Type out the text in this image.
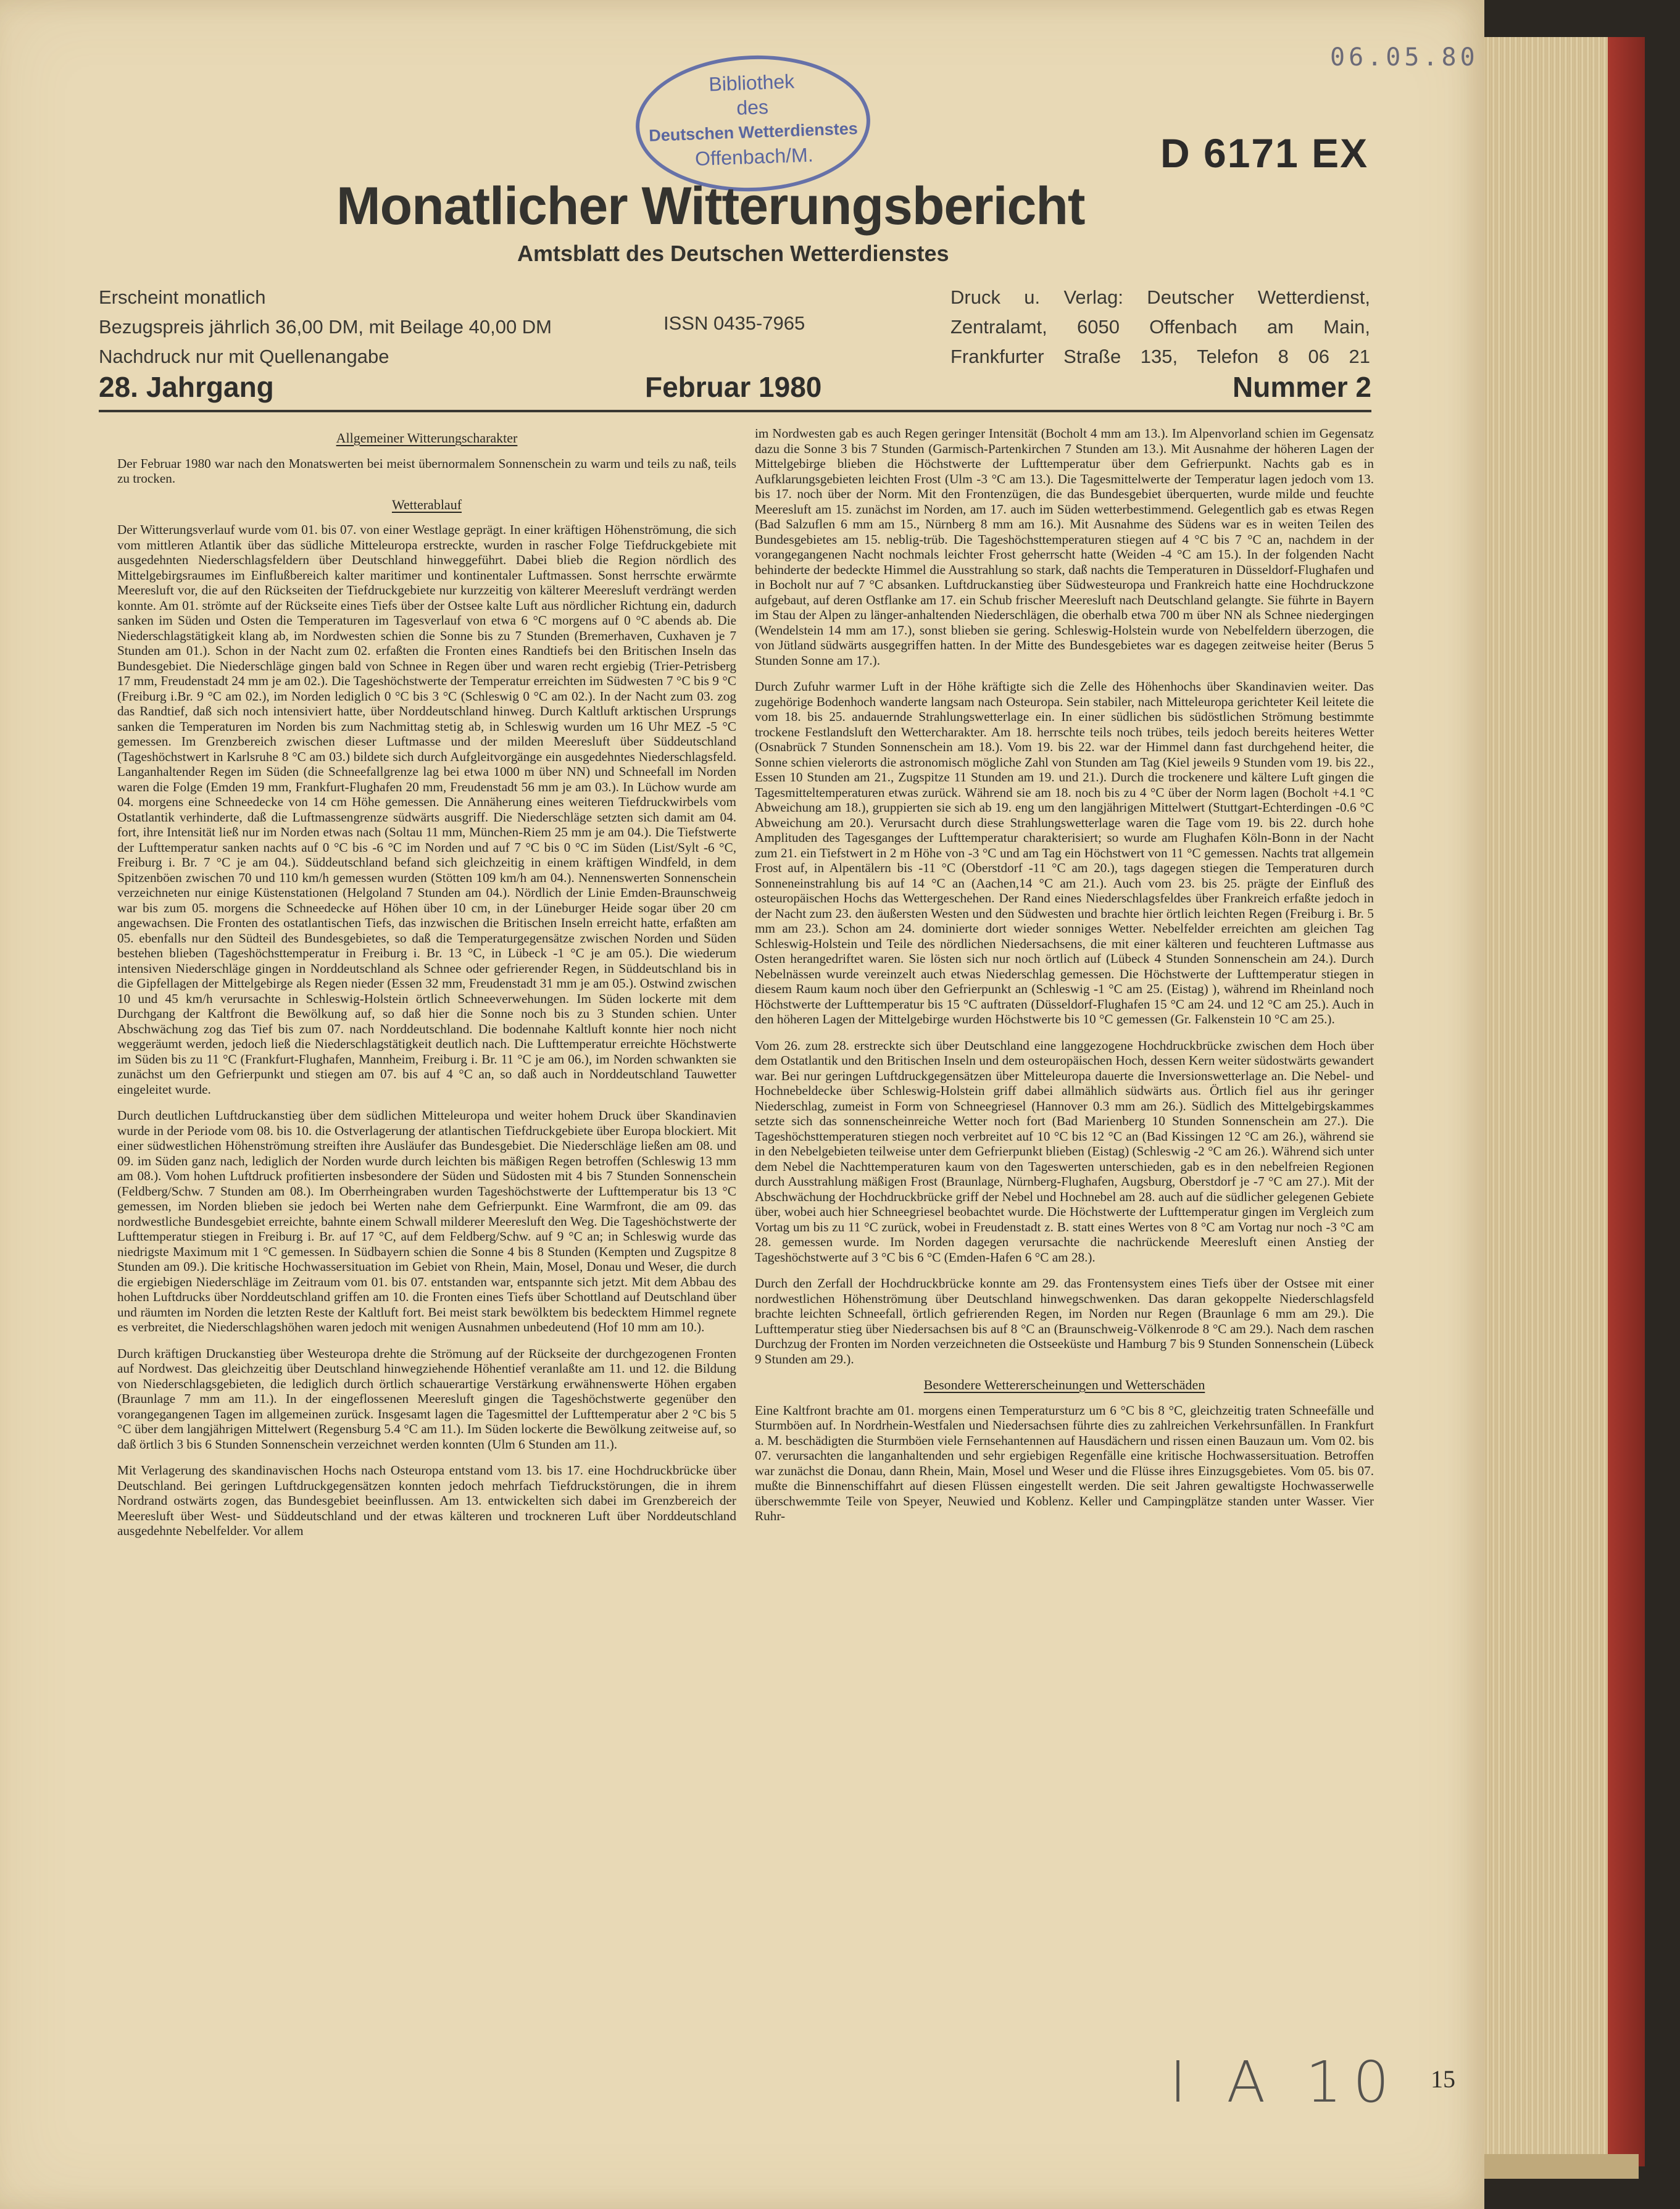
06.05.80
Bibliothek
des
Deutschen Wetterdienstes
Offenbach/M.	D 6171 EX
Monatlicher Witterungsbericht
Amtsblatt des Deutschen Wetterdienstes
Erscheint monatlich
Bezugspreis jährlich 36,00 DM, mit Beilage 40,00 DM
Nachdruck nur mit Quellenangabe
ISSN 0435-7965
Druck u. Verlag: Deutscher Wetterdienst,
Zentralamt, 6050 Offenbach am Main,
Frankfurter Straße 135, Telefon 8 06 21
28. Jahrgang	Februar 1980	Nummer 2
Allgemeiner Witterungscharakter

Der Februar 1980 war nach den Monatswerten bei meist übernormalem Sonnenschein zu warm und teils zu naß, teils zu trocken.

Wetterablauf

Der Witterungsverlauf wurde vom 01. bis 07. von einer Westlage geprägt. In einer kräftigen Höhenströmung, die sich vom mittleren Atlantik über das südliche Mitteleuropa erstreckte, wurden in rascher Folge Tiefdruckgebiete mit ausgedehnten Niederschlagsfeldern über Deutschland hinweggeführt. Dabei blieb die Region nördlich des Mittelgebirgsraumes im Einflußbereich kalter maritimer und kontinentaler Luftmassen. Sonst herrschte erwärmte Meeresluft vor, die auf den Rückseiten der Tiefdruckgebiete nur kurzzeitig von kälterer Meeresluft verdrängt werden konnte. Am 01. strömte auf der Rückseite eines Tiefs über der Ostsee kalte Luft aus nördlicher Richtung ein, dadurch sanken im Süden und Osten die Temperaturen im Tagesverlauf von etwa 6 °C morgens auf 0 °C abends ab. Die Niederschlagstätigkeit klang ab, im Nordwesten schien die Sonne bis zu 7 Stunden (Bremerhaven, Cuxhaven je 7 Stunden am 01.). Schon in der Nacht zum 02. erfaßten die Fronten eines Randtiefs bei den Britischen Inseln das Bundesgebiet. Die Niederschläge gingen bald von Schnee in Regen über und waren recht ergiebig (Trier-Petrisberg 17 mm, Freudenstadt 24 mm je am 02.). Die Tageshöchstwerte der Temperatur erreichten im Südwesten 7 °C bis 9 °C (Freiburg i.Br. 9 °C am 02.), im Norden lediglich 0 °C bis 3 °C (Schleswig 0 °C am 02.). In der Nacht zum 03. zog das Randtief, daß sich noch intensiviert hatte, über Norddeutschland hinweg. Durch Kaltluft arktischen Ursprungs sanken die Temperaturen im Norden bis zum Nachmittag stetig ab, in Schleswig wurden um 16 Uhr MEZ -5 °C gemessen. Im Grenzbereich zwischen dieser Luftmasse und der milden Meeresluft über Süddeutschland (Tageshöchstwert in Karlsruhe 8 °C am 03.) bildete sich durch Aufgleitvorgänge ein ausgedehntes Niederschlagsfeld. Langanhaltender Regen im Süden (die Schneefallgrenze lag bei etwa 1000 m über NN) und Schneefall im Norden waren die Folge (Emden 19 mm, Frankfurt-Flughafen 20 mm, Freudenstadt 56 mm je am 03.). In Lüchow wurde am 04. morgens eine Schneedecke von 14 cm Höhe gemessen. Die Annäherung eines weiteren Tiefdruckwirbels vom Ostatlantik verhinderte, daß die Luftmassengrenze südwärts ausgriff. Die Niederschläge setzten sich damit am 04. fort, ihre Intensität ließ nur im Norden etwas nach (Soltau 11 mm, München-Riem 25 mm je am 04.). Die Tiefstwerte der Lufttemperatur sanken nachts auf 0 °C bis -6 °C im Norden und auf 7 °C bis 0 °C im Süden (List/Sylt -6 °C, Freiburg i. Br. 7 °C je am 04.). Süddeutschland befand sich gleichzeitig in einem kräftigen Windfeld, in dem Spitzenböen zwischen 70 und 110 km/h gemessen wurden (Stötten 109 km/h am 04.). Nennenswerten Sonnenschein verzeichneten nur einige Küstenstationen (Helgoland 7 Stunden am 04.). Nördlich der Linie Emden-Braunschweig war bis zum 05. morgens die Schneedecke auf Höhen über 10 cm, in der Lüneburger Heide sogar über 20 cm angewachsen. Die Fronten des ostatlantischen Tiefs, das inzwischen die Britischen Inseln erreicht hatte, erfaßten am 05. ebenfalls nur den Südteil des Bundesgebietes, so daß die Temperaturgegensätze zwischen Norden und Süden bestehen blieben (Tageshöchsttemperatur in Freiburg i. Br. 13 °C, in Lübeck -1 °C je am 05.). Die wiederum intensiven Niederschläge gingen in Norddeutschland als Schnee oder gefrierender Regen, in Süddeutschland bis in die Gipfellagen der Mittelgebirge als Regen nieder (Essen 32 mm, Freudenstadt 31 mm je am 05.). Ostwind zwischen 10 und 45 km/h verursachte in Schleswig-Holstein örtlich Schneeverwehungen. Im Süden lockerte mit dem Durchgang der Kaltfront die Bewölkung auf, so daß hier die Sonne noch bis zu 3 Stunden schien. Unter Abschwächung zog das Tief bis zum 07. nach Norddeutschland. Die bodennahe Kaltluft konnte hier noch nicht weggeräumt werden, jedoch ließ die Niederschlagstätigkeit deutlich nach. Die Lufttemperatur erreichte Höchstwerte im Süden bis zu 11 °C (Frankfurt-Flughafen, Mannheim, Freiburg i. Br. 11 °C je am 06.), im Norden schwankten sie zunächst um den Gefrierpunkt und stiegen am 07. bis auf 4 °C an, so daß auch in Norddeutschland Tauwetter eingeleitet wurde.

Durch deutlichen Luftdruckanstieg über dem südlichen Mitteleuropa und weiter hohem Druck über Skandinavien wurde in der Periode vom 08. bis 10. die Ostverlagerung der atlantischen Tiefdruckgebiete über Europa blockiert. Mit einer südwestlichen Höhenströmung streiften ihre Ausläufer das Bundesgebiet. Die Niederschläge ließen am 08. und 09. im Süden ganz nach, lediglich der Norden wurde durch leichten bis mäßigen Regen betroffen (Schleswig 13 mm am 08.). Vom hohen Luftdruck profitierten insbesondere der Süden und Südosten mit 4 bis 7 Stunden Sonnenschein (Feldberg/Schw. 7 Stunden am 08.). Im Oberrheingraben wurden Tageshöchstwerte der Lufttemperatur bis 13 °C gemessen, im Norden blieben sie jedoch bei Werten nahe dem Gefrierpunkt. Eine Warmfront, die am 09. das nordwestliche Bundesgebiet erreichte, bahnte einem Schwall milderer Meeresluft den Weg. Die Tageshöchstwerte der Lufttemperatur stiegen in Freiburg i. Br. auf 17 °C, auf dem Feldberg/Schw. auf 9 °C an; in Schleswig wurde das niedrigste Maximum mit 1 °C gemessen. In Südbayern schien die Sonne 4 bis 8 Stunden (Kempten und Zugspitze 8 Stunden am 09.). Die kritische Hochwassersituation im Gebiet von Rhein, Main, Mosel, Donau und Weser, die durch die ergiebigen Niederschläge im Zeitraum vom 01. bis 07. entstanden war, entspannte sich jetzt. Mit dem Abbau des hohen Luftdrucks über Norddeutschland griffen am 10. die Fronten eines Tiefs über Schottland auf Deutschland über und räumten im Norden die letzten Reste der Kaltluft fort. Bei meist stark bewölktem bis bedecktem Himmel regnete es verbreitet, die Niederschlagshöhen waren jedoch mit wenigen Ausnahmen unbedeutend (Hof 10 mm am 10.).

Durch kräftigen Druckanstieg über Westeuropa drehte die Strömung auf der Rückseite der durchgezogenen Fronten auf Nordwest. Das gleichzeitig über Deutschland hinwegziehende Höhentief veranlaßte am 11. und 12. die Bildung von Niederschlagsgebieten, die lediglich durch örtlich schauerartige Verstärkung erwähnenswerte Höhen ergaben (Braunlage 7 mm am 11.). In der eingeflossenen Meeresluft gingen die Tageshöchstwerte gegenüber den vorangegangenen Tagen im allgemeinen zurück. Insgesamt lagen die Tagesmittel der Lufttemperatur aber 2 °C bis 5 °C über dem langjährigen Mittelwert (Regensburg 5.4 °C am 11.). Im Süden lockerte die Bewölkung zeitweise auf, so daß örtlich 3 bis 6 Stunden Sonnenschein verzeichnet werden konnten (Ulm 6 Stunden am 11.).

Mit Verlagerung des skandinavischen Hochs nach Osteuropa entstand vom 13. bis 17. eine Hochdruckbrücke über Deutschland. Bei geringen Luftdruckgegensätzen konnten jedoch mehrfach Tiefdruckstörungen, die in ihrem Nordrand ostwärts zogen, das Bundesgebiet beeinflussen. Am 13. entwickelten sich dabei im Grenzbereich der Meeresluft über West- und Süddeutschland und der etwas kälteren und trockneren Luft über Norddeutschland ausgedehnte Nebelfelder. Vor allem

im Nordwesten gab es auch Regen geringer Intensität (Bocholt 4 mm am 13.). Im Alpenvorland schien im Gegensatz dazu die Sonne 3 bis 7 Stunden (Garmisch-Partenkirchen 7 Stunden am 13.). Mit Ausnahme der höheren Lagen der Mittelgebirge blieben die Höchstwerte der Lufttemperatur über dem Gefrierpunkt. Nachts gab es in Aufklarungsgebieten leichten Frost (Ulm -3 °C am 13.). Die Tagesmittelwerte der Temperatur lagen jedoch vom 13. bis 17. noch über der Norm. Mit den Frontenzügen, die das Bundesgebiet überquerten, wurde milde und feuchte Meeresluft am 15. zunächst im Norden, am 17. auch im Süden wetterbestimmend. Gelegentlich gab es etwas Regen (Bad Salzuflen 6 mm am 15., Nürnberg 8 mm am 16.). Mit Ausnahme des Südens war es in weiten Teilen des Bundesgebietes am 15. neblig-trüb. Die Tageshöchsttemperaturen stiegen auf 4 °C bis 7 °C an, nachdem in der vorangegangenen Nacht nochmals leichter Frost geherrscht hatte (Weiden -4 °C am 15.). In der folgenden Nacht behinderte der bedeckte Himmel die Ausstrahlung so stark, daß nachts die Temperaturen in Düsseldorf-Flughafen und in Bocholt nur auf 7 °C absanken. Luftdruckanstieg über Südwesteuropa und Frankreich hatte eine Hochdruckzone aufgebaut, auf deren Ostflanke am 17. ein Schub frischer Meeresluft nach Deutschland gelangte. Sie führte in Bayern im Stau der Alpen zu länger-anhaltenden Niederschlägen, die oberhalb etwa 700 m über NN als Schnee niedergingen (Wendelstein 14 mm am 17.), sonst blieben sie gering. Schleswig-Holstein wurde von Nebelfeldern überzogen, die von Jütland südwärts ausgegriffen hatten. In der Mitte des Bundesgebietes war es dagegen zeitweise heiter (Berus 5 Stunden Sonne am 17.).

Durch Zufuhr warmer Luft in der Höhe kräftigte sich die Zelle des Höhenhochs über Skandinavien weiter. Das zugehörige Bodenhoch wanderte langsam nach Osteuropa. Sein stabiler, nach Mitteleuropa gerichteter Keil leitete die vom 18. bis 25. andauernde Strahlungswetterlage ein. In einer südlichen bis südöstlichen Strömung bestimmte trockene Festlandsluft den Wettercharakter. Am 18. herrschte teils noch trübes, teils jedoch bereits heiteres Wetter (Osnabrück 7 Stunden Sonnenschein am 18.). Vom 19. bis 22. war der Himmel dann fast durchgehend heiter, die Sonne schien vielerorts die astronomisch mögliche Zahl von Stunden am Tag (Kiel jeweils 9 Stunden vom 19. bis 22., Essen 10 Stunden am 21., Zugspitze 11 Stunden am 19. und 21.). Durch die trockenere und kältere Luft gingen die Tagesmitteltemperaturen etwas zurück. Während sie am 18. noch bis zu 4 °C über der Norm lagen (Bocholt +4.1 °C Abweichung am 18.), gruppierten sie sich ab 19. eng um den langjährigen Mittelwert (Stuttgart-Echterdingen -0.6 °C Abweichung am 20.). Verursacht durch diese Strahlungswetterlage waren die Tage vom 19. bis 22. durch hohe Amplituden des Tagesganges der Lufttemperatur charakterisiert; so wurde am Flughafen Köln-Bonn in der Nacht zum 21. ein Tiefstwert in 2 m Höhe von -3 °C und am Tag ein Höchstwert von 11 °C gemessen. Nachts trat allgemein Frost auf, in Alpentälern bis -11 °C (Oberstdorf -11 °C am 20.), tags dagegen stiegen die Temperaturen durch Sonneneinstrahlung bis auf 14 °C an (Aachen,14 °C am 21.). Auch vom 23. bis 25. prägte der Einfluß des osteuropäischen Hochs das Wettergeschehen. Der Rand eines Niederschlagsfeldes über Frankreich erfaßte jedoch in der Nacht zum 23. den äußersten Westen und den Südwesten und brachte hier örtlich leichten Regen (Freiburg i. Br. 5 mm am 23.). Schon am 24. dominierte dort wieder sonniges Wetter. Nebelfelder erreichten am gleichen Tag Schleswig-Holstein und Teile des nördlichen Niedersachsens, die mit einer kälteren und feuchteren Luftmasse aus Osten herangedriftet waren. Sie lösten sich nur noch örtlich auf (Lübeck 4 Stunden Sonnenschein am 24.). Durch Nebelnässen wurde vereinzelt auch etwas Niederschlag gemessen. Die Höchstwerte der Lufttemperatur stiegen in diesem Raum kaum noch über den Gefrierpunkt an (Schleswig -1 °C am 25. (Eistag) ), während im Rheinland noch Höchstwerte der Lufttemperatur bis 15 °C auftraten (Düsseldorf-Flughafen 15 °C am 24. und 12 °C am 25.). Auch in den höheren Lagen der Mittelgebirge wurden Höchstwerte bis 10 °C gemessen (Gr. Falkenstein 10 °C am 25.).

Vom 26. zum 28. erstreckte sich über Deutschland eine langgezogene Hochdruckbrücke zwischen dem Hoch über dem Ostatlantik und den Britischen Inseln und dem osteuropäischen Hoch, dessen Kern weiter südostwärts gewandert war. Bei nur geringen Luftdruckgegensätzen über Mitteleuropa dauerte die Inversionswetterlage an. Die Nebel- und Hochnebeldecke über Schleswig-Holstein griff dabei allmählich südwärts aus. Örtlich fiel aus ihr geringer Niederschlag, zumeist in Form von Schneegriesel (Hannover 0.3 mm am 26.). Südlich des Mittelgebirgskammes setzte sich das sonnenscheinreiche Wetter noch fort (Bad Marienberg 10 Stunden Sonnenschein am 27.). Die Tageshöchsttemperaturen stiegen noch verbreitet auf 10 °C bis 12 °C an (Bad Kissingen 12 °C am 26.), während sie in den Nebelgebieten teilweise unter dem Gefrierpunkt blieben (Eistag) (Schleswig -2 °C am 26.). Während sich unter dem Nebel die Nachttemperaturen kaum von den Tageswerten unterschieden, gab es in den nebelfreien Regionen durch Ausstrahlung mäßigen Frost (Braunlage, Nürnberg-Flughafen, Augsburg, Oberstdorf je -7 °C am 27.). Mit der Abschwächung der Hochdruckbrücke griff der Nebel und Hochnebel am 28. auch auf die südlicher gelegenen Gebiete über, wobei auch hier Schneegriesel beobachtet wurde. Die Höchstwerte der Lufttemperatur gingen im Vergleich zum Vortag um bis zu 11 °C zurück, wobei in Freudenstadt z. B. statt eines Wertes von 8 °C am Vortag nur noch -3 °C am 28. gemessen wurde. Im Norden dagegen verursachte die nachrückende Meeresluft einen Anstieg der Tageshöchstwerte auf 3 °C bis 6 °C (Emden-Hafen 6 °C am 28.).

Durch den Zerfall der Hochdruckbrücke konnte am 29. das Frontensystem eines Tiefs über der Ostsee mit einer nordwestlichen Höhenströmung über Deutschland hinwegschwenken. Das daran gekoppelte Niederschlagsfeld brachte leichten Schneefall, örtlich gefrierenden Regen, im Norden nur Regen (Braunlage 6 mm am 29.). Die Lufttemperatur stieg über Niedersachsen bis auf 8 °C an (Braunschweig-Völkenrode 8 °C am 29.). Nach dem raschen Durchzug der Fronten im Norden verzeichneten die Ostseeküste und Hamburg 7 bis 9 Stunden Sonnenschein (Lübeck 9 Stunden am 29.).

Besondere Wettererscheinungen und Wetterschäden

Eine Kaltfront brachte am 01. morgens einen Temperatursturz um 6 °C bis 8 °C, gleichzeitig traten Schneefälle und Sturmböen auf. In Nordrhein-Westfalen und Niedersachsen führte dies zu zahlreichen Verkehrsunfällen. In Frankfurt a. M. beschädigten die Sturmböen viele Fernsehantennen auf Hausdächern und rissen einen Bauzaun um. Vom 02. bis 07. verursachten die langanhaltenden und sehr ergiebigen Regenfälle eine kritische Hochwassersituation. Betroffen war zunächst die Donau, dann Rhein, Main, Mosel und Weser und die Flüsse ihres Einzugsgebietes. Vom 05. bis 07. mußte die Binnenschiffahrt auf diesen Flüssen eingestellt werden. Die seit Jahren gewaltigste Hochwasserwelle überschwemmte Teile von Speyer, Neuwied und Koblenz. Keller und Campingplätze standen unter Wasser. Vier Ruhr-

I A 10 15
